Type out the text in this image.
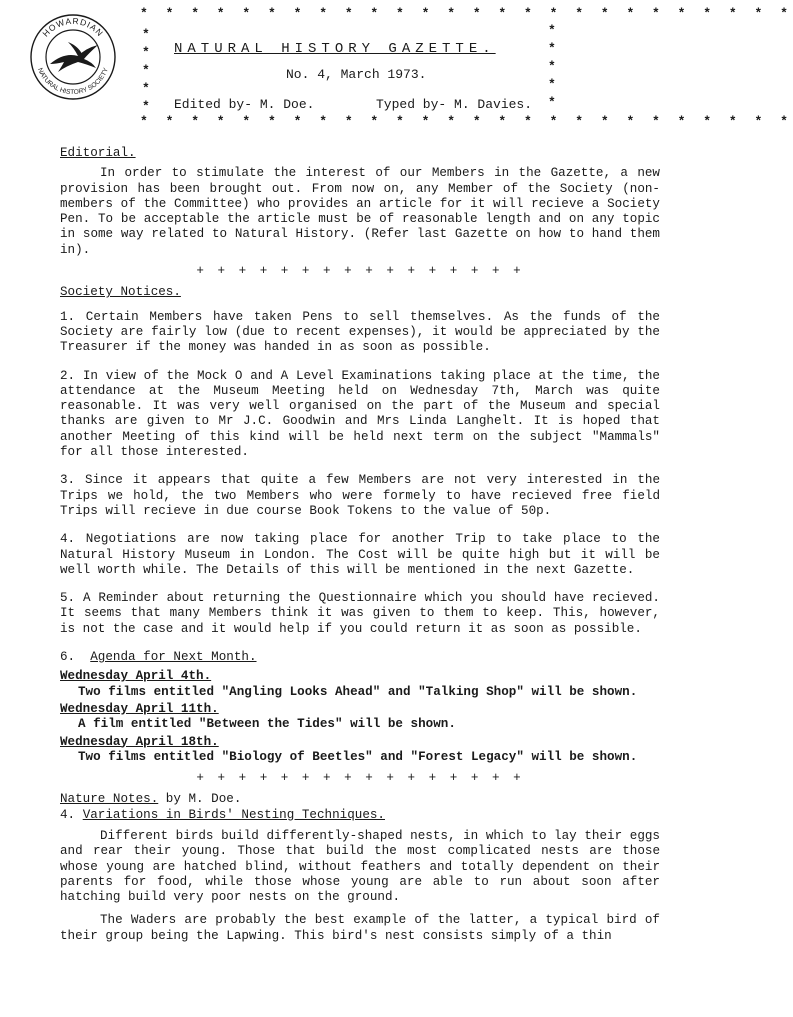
HOWARDIAN
NATURAL HISTORY SOCIETY
* * * * * * * * * * * * * * * * * * * * * * * * * *
*
*
*
*
*
*
*
*
*
*
NATURAL HISTORY GAZETTE.
No. 4, March 1973.
Edited by- M. Doe.	Typed by- M. Davies.
* * * * * * * * * * * * * * * * * * * * * * * * * *

Editorial.

In order to stimulate the interest of our Members in the Gazette, a new provision has been brought out. From now on, any Member of the Society (non-members of the Committee) who provides an article for it will recieve a Society Pen. To be acceptable the article must be of reasonable length and on any topic in some way related to Natural History. (Refer last Gazette on how to hand them in).

+ + + + + + + + + + + + + + + +

Society Notices.

1. Certain Members have taken Pens to sell themselves. As the funds of the Society are fairly low (due to recent expenses), it would be appreciated by the Treasurer if the money was handed in as soon as possible.

2. In view of the Mock O and A Level Examinations taking place at the time, the attendance at the Museum Meeting held on Wednesday 7th, March was quite reasonable. It was very well organised on the part of the Museum and special thanks are given to Mr J.C. Goodwin and Mrs Linda Langhelt. It is hoped that another Meeting of this kind will be held next term on the subject "Mammals" for all those interested.

3. Since it appears that quite a few Members are not very interested in the Trips we hold, the two Members who were formely to have recieved free field Trips will recieve in due course Book Tokens to the value of 50p.

4. Negotiations are now taking place for another Trip to take place to the Natural History Museum in London. The Cost will be quite high but it will be well worth while. The Details of this will be mentioned in the next Gazette.

5. A Reminder about returning the Questionnaire which you should have recieved. It seems that many Members think it was given to them to keep. This, however, is not the case and it would help if you could return it as soon as possible.

6. Agenda for Next Month.

Wednesday April 4th.

Two films entitled "Angling Looks Ahead" and "Talking Shop" will be shown.

Wednesday April 11th.

A film entitled "Between the Tides" will be shown.

Wednesday April 18th.

Two films entitled "Biology of Beetles" and "Forest Legacy" will be shown.

+ + + + + + + + + + + + + + + +

Nature Notes. by M. Doe.

4. Variations in Birds' Nesting Techniques.

Different birds build differently-shaped nests, in which to lay their eggs and rear their young. Those that build the most complicated nests are those whose young are hatched blind, without feathers and totally dependent on their parents for food, while those whose young are able to run about soon after hatching build very poor nests on the ground.

The Waders are probably the best example of the latter, a typical bird of their group being the Lapwing. This bird's nest consists simply of a thin
